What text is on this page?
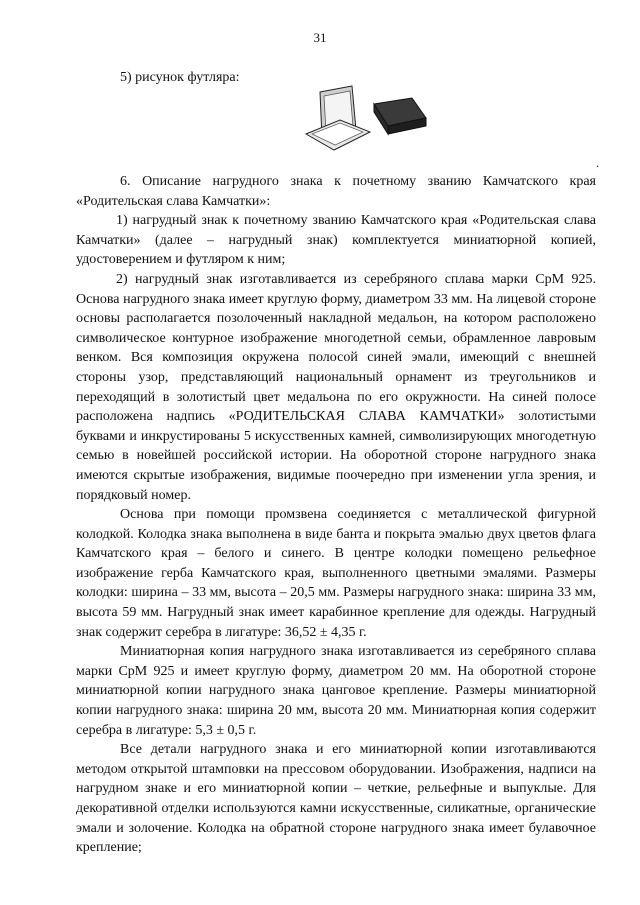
31
5) рисунок футляра:
.

6. Описание нагрудного знака к почетному званию Камчатского края «Родительская слава Камчатки»:

1) нагрудный знак к почетному званию Камчатского края «Родительская слава Камчатки» (далее – нагрудный знак) комплектуется миниатюрной копией, удостоверением и футляром к ним;

2) нагрудный знак изготавливается из серебряного сплава марки СрМ 925. Основа нагрудного знака имеет круглую форму, диаметром 33 мм. На лицевой стороне основы располагается позолоченный накладной медальон, на котором расположено символическое контурное изображение многодетной семьи, обрамленное лавровым венком. Вся композиция окружена полосой синей эмали, имеющий с внешней стороны узор, представляющий национальный орнамент из треугольников и переходящий в золотистый цвет медальона по его окружности. На синей полосе расположена надпись «РОДИТЕЛЬСКАЯ СЛАВА КАМЧАТКИ» золотистыми буквами и инкрустированы 5 искусственных камней, символизирующих многодетную семью в новейшей российской истории. На оборотной стороне нагрудного знака имеются скрытые изображения, видимые поочередно при изменении угла зрения, и порядковый номер.

Основа при помощи промзвена соединяется с металлической фигурной колодкой. Колодка знака выполнена в виде банта и покрыта эмалью двух цветов флага Камчатского края – белого и синего. В центре колодки помещено рельефное изображение герба Камчатского края, выполненного цветными эмалями. Размеры колодки: ширина – 33 мм, высота – 20,5 мм. Размеры нагрудного знака: ширина 33 мм, высота 59 мм. Нагрудный знак имеет карабинное крепление для одежды. Нагрудный знак содержит серебра в лигатуре: 36,52 ± 4,35 г.

Миниатюрная копия нагрудного знака изготавливается из серебряного сплава марки СрМ 925 и имеет круглую форму, диаметром 20 мм. На оборотной стороне миниатюрной копии нагрудного знака цанговое крепление. Размеры миниатюрной копии нагрудного знака: ширина 20 мм, высота 20 мм. Миниатюрная копия содержит серебра в лигатуре: 5,3 ± 0,5 г.

Все детали нагрудного знака и его миниатюрной копии изготавливаются методом открытой штамповки на прессовом оборудовании. Изображения, надписи на нагрудном знаке и его миниатюрной копии – четкие, рельефные и выпуклые. Для декоративной отделки используются камни искусственные, силикатные, органические эмали и золочение. Колодка на обратной стороне нагрудного знака имеет булавочное крепление;
